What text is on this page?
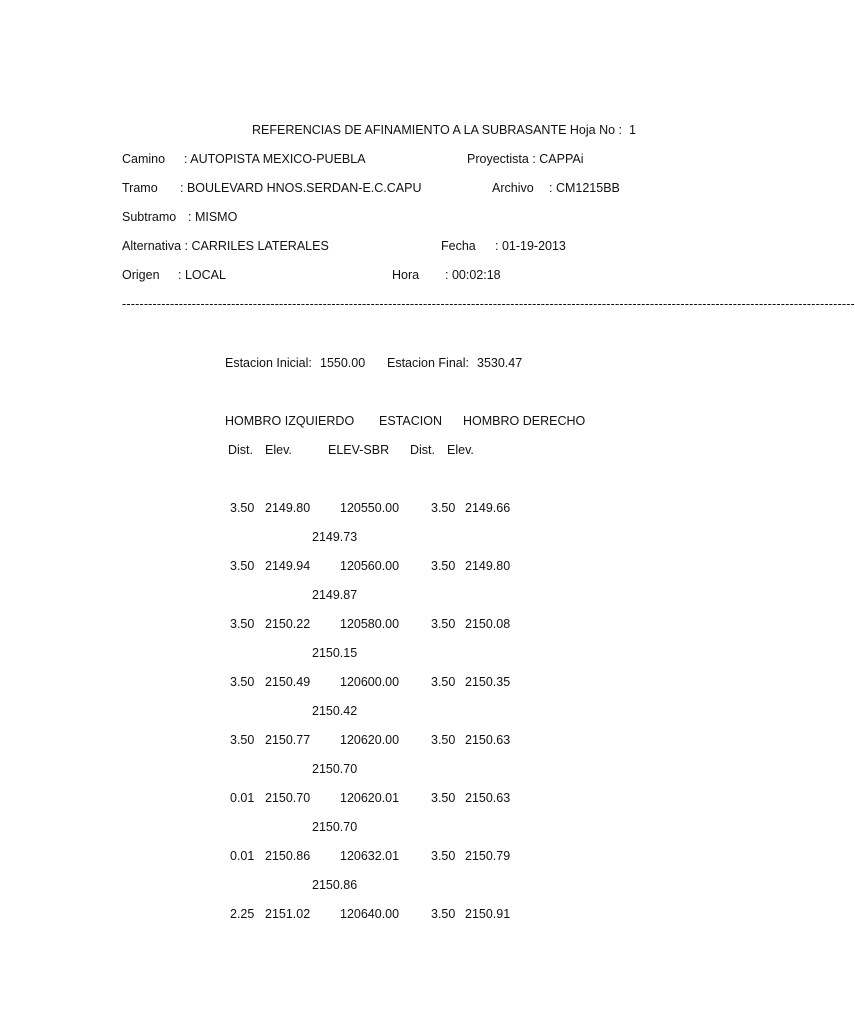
REFERENCIAS DE AFINAMIENTO A LA SUBRASANTE Hoja No :  1
Camino : AUTOPISTA MEXICO-PUEBLA	Proyectista : CAPPAi
Tramo : BOULEVARD HNOS.SERDAN-E.C.CAPU	Archivo : CM1215BB
Subtramo : MISMO
Alternativa : CARRILES LATERALES	Fecha : 01-19-2013
Origen : LOCAL	Hora : 00:02:18
------------------------------------------------------------------------------------------------------------------------------------------------------------------------
Estacion Inicial: 1550.00 Estacion Final: 3530.47
HOMBRO IZQUIERDO ESTACION HOMBRO DERECHO
Dist. Elev.	ELEV-SBR Dist. Elev.
3.50 2149.80 120550.00	3.50 2149.66
2149.73
3.50 2149.94 120560.00	3.50 2149.80
2149.87
3.50 2150.22 120580.00	3.50 2150.08
2150.15
3.50 2150.49 120600.00	3.50 2150.35
2150.42
3.50 2150.77 120620.00	3.50 2150.63
2150.70
0.01 2150.70 120620.01	3.50 2150.63
2150.70
0.01 2150.86 120632.01	3.50 2150.79
2150.86
2.25 2151.02 120640.00	3.50 2150.91
